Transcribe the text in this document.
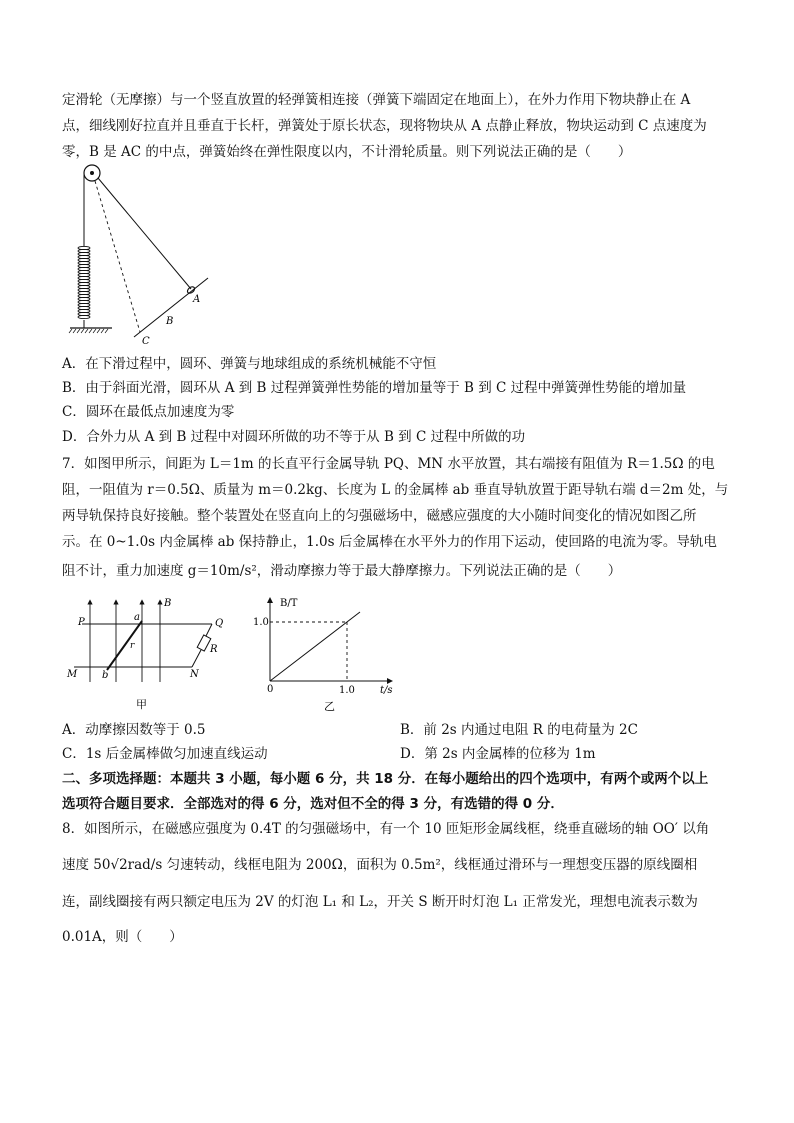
定滑轮（无摩擦）与一个竖直放置的轻弹簧相连接（弹簧下端固定在地面上），在外力作用下物块静止在 A
点，细线刚好拉直并且垂直于长杆，弹簧处于原长状态，现将物块从 A 点静止释放，物块运动到 C 点速度为
零，B 是 AC 的中点，弹簧始终在弹性限度以内，不计滑轮质量。则下列说法正确的是（　　）
A
B
C
A．在下滑过程中，圆环、弹簧与地球组成的系统机械能不守恒
B．由于斜面光滑，圆环从 A 到 B 过程弹簧弹性势能的增加量等于 B 到 C 过程中弹簧弹性势能的增加量
C．圆环在最低点加速度为零
D．合外力从 A 到 B 过程中对圆环所做的功不等于从 B 到 C 过程中所做的功
7．如图甲所示，间距为 L＝1m 的长直平行金属导轨 PQ、MN 水平放置，其右端接有阻值为 R＝1.5Ω 的电
阻，一阻值为 r＝0.5Ω、质量为 m＝0.2kg、长度为 L 的金属棒 ab 垂直导轨放置于距导轨右端 d＝2m 处，与
两导轨保持良好接触。整个装置处在竖直向上的匀强磁场中，磁感应强度的大小随时间变化的情况如图乙所
示。在 0~1.0s 内金属棒 ab 保持静止，1.0s 后金属棒在水平外力的作用下运动，使回路的电流为零。导轨电
阻不计，重力加速度 g＝10m/s²，滑动摩擦力等于最大静摩擦力。下列说法正确的是（　　）
P	Q
M	N
a
b
r	R
B
甲
B/T
t/s
0
1.0
1.0
乙
A．动摩擦因数等于 0.5	B．前 2s 内通过电阻 R 的电荷量为 2C
C．1s 后金属棒做匀加速直线运动	D．第 2s 内金属棒的位移为 1m
二、多项选择题：本题共 3 小题，每小题 6 分，共 18 分．在每小题给出的四个选项中，有两个或两个以上
选项符合题目要求．全部选对的得 6 分，选对但不全的得 3 分，有选错的得 0 分．
8．如图所示，在磁感应强度为 0.4T 的匀强磁场中，有一个 10 匝矩形金属线框，绕垂直磁场的轴 OO′ 以角
速度 50√2rad/s 匀速转动，线框电阻为 200Ω，面积为 0.5m²，线框通过滑环与一理想变压器的原线圈相
连，副线圈接有两只额定电压为 2V 的灯泡 L₁ 和 L₂，开关 S 断开时灯泡 L₁ 正常发光，理想电流表示数为
0.01A，则（　　）
